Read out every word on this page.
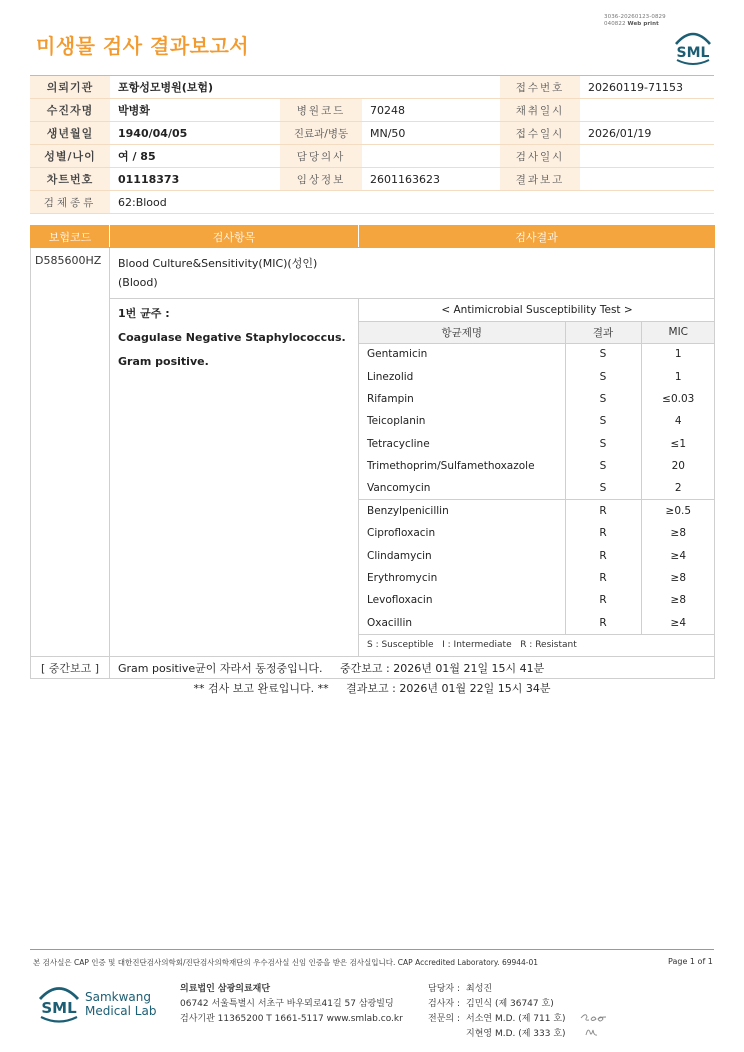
3036-20260123-0829
040822 Web print
미생물 검사 결과보고서	SML
의뢰기관	포항성모병원(보험)			접수번호	20260119-71153
수진자명	박병화	병원코드	70248	채취일시	
생년월일	1940/04/05	진료과/병동	MN/50	접수일시	2026/01/19
성별/나이	여 / 85	담당의사		검사일시	
차트번호	01118373	임상정보	2601163623	결과보고	
검체종류	62:Blood				
보험코드	검사항목	검사결과
D585600HZ	Blood Culture&Sensitivity(MIC)(성인)
(Blood)

1번 균주 :
Coagulase Negative Staphylococcus.
Gram positive.

< Antimicrobial Susceptibility Test >
항균제명	결과	MIC
Gentamicin	S	1
Linezolid	S	1
Rifampin	S	≤0.03
Teicoplanin	S	4
Tetracycline	S	≤1
Trimethoprim/Sulfamethoxazole	S	20
Vancomycin	S	2
Benzylpenicillin	R	≥0.5
Ciprofloxacin	R	≥8
Clindamycin	R	≥4
Erythromycin	R	≥8
Levofloxacin	R	≥8
Oxacillin	R	≥4
S : Susceptible   I : Intermediate   R : Resistant

[ 중간보고 ]	Gram positive균이 자라서 동정중입니다.     중간보고 : 2026년 01월 21일 15시 41분
** 검사 보고 완료입니다. **     결과보고 : 2026년 01월 22일 15시 34분
본 검사실은 CAP 인증 및 대한진단검사의학회/진단검사의학재단의 우수검사실 신임 인증을 받은 검사실입니다. CAP Accredited Laboratory. 69944-01	Page 1 of 1
SML
Samkwang
Medical Lab
의료법인 삼광의료재단
06742 서울특별시 서초구 바우뫼로41길 57 삼광빌딩
검사기관 11365200 T 1661-5117 www.smlab.co.kr
담당자 : 최성진
검사자 : 김민식 (제 36747 호)
전문의 : 서소연 M.D. (제 711 호)
지현영 M.D. (제 333 호)
